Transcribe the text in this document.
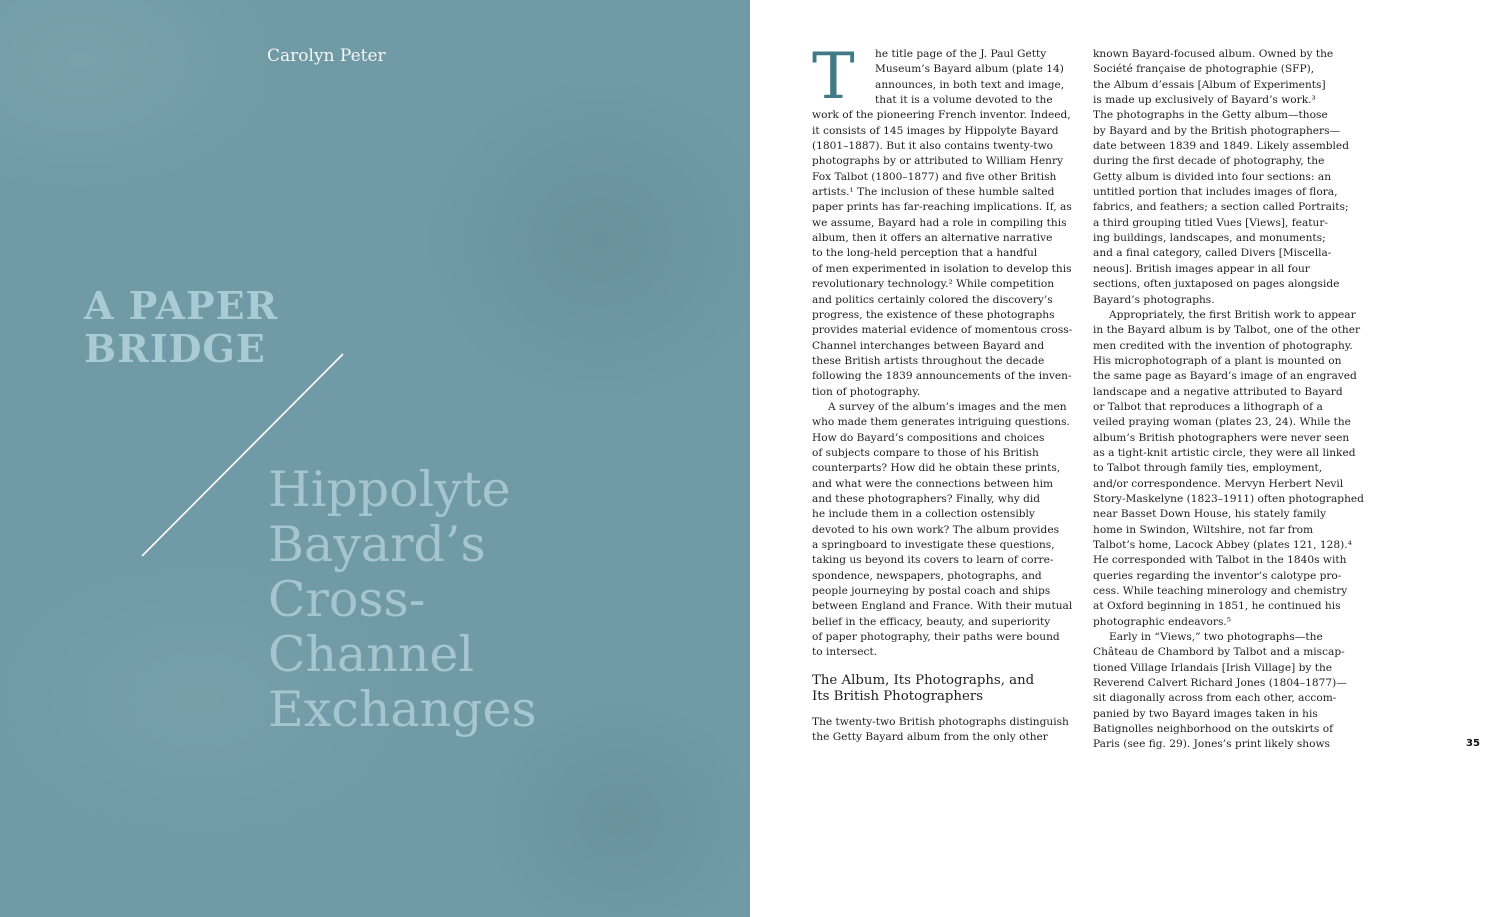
Carolyn Peter
A PAPER
BRIDGE
Hippolyte
Bayard’s
Cross-
Channel
Exchanges
T	he title page of the J. Paul Getty
Museum’s Bayard album (plate 14)
announces, in both text and image,
that it is a volume devoted to the
work of the pioneering French inventor. Indeed,
it consists of 145 images by Hippolyte Bayard
(1801–1887). But it also contains twenty-two
photographs by or attributed to William Henry
Fox Talbot (1800–1877) and five other British
artists.¹ The inclusion of these humble salted
paper prints has far-reaching implications. If, as
we assume, Bayard had a role in compiling this
album, then it offers an alternative narrative
to the long-held perception that a handful
of men experimented in isolation to develop this
revolutionary technology.² While competition
and politics certainly colored the discovery’s
progress, the existence of these photographs
provides material evidence of momentous cross-
Channel interchanges between Bayard and
these British artists throughout the decade
following the 1839 announcements of the inven-
tion of photography.
A survey of the album’s images and the men
who made them generates intriguing questions.
How do Bayard’s compositions and choices
of subjects compare to those of his British
counterparts? How did he obtain these prints,
and what were the connections between him
and these photographers? Finally, why did
he include them in a collection ostensibly
devoted to his own work? The album provides
a springboard to investigate these questions,
taking us beyond its covers to learn of corre-
spondence, newspapers, photographs, and
people journeying by postal coach and ships
between England and France. With their mutual
belief in the efficacy, beauty, and superiority
of paper photography, their paths were bound
to intersect.
The Album, Its Photographs, and
Its British Photographers
The twenty-two British photographs distinguish
the Getty Bayard album from the only other
known Bayard-focused album. Owned by the
Société française de photographie (SFP),
the Album d’essais [Album of Experiments]
is made up exclusively of Bayard’s work.³
The photographs in the Getty album—those
by Bayard and by the British photographers—
date between 1839 and 1849. Likely assembled
during the first decade of photography, the
Getty album is divided into four sections: an
untitled portion that includes images of flora,
fabrics, and feathers; a section called Portraits;
a third grouping titled Vues [Views], featur-
ing buildings, landscapes, and monuments;
and a final category, called Divers [Miscella-
neous]. British images appear in all four
sections, often juxtaposed on pages alongside
Bayard’s photographs.
Appropriately, the first British work to appear
in the Bayard album is by Talbot, one of the other
men credited with the invention of photography.
His microphotograph of a plant is mounted on
the same page as Bayard’s image of an engraved
landscape and a negative attributed to Bayard
or Talbot that reproduces a lithograph of a
veiled praying woman (plates 23, 24). While the
album’s British photographers were never seen
as a tight-knit artistic circle, they were all linked
to Talbot through family ties, employment,
and/or correspondence. Mervyn Herbert Nevil
Story-Maskelyne (1823–1911) often photographed
near Basset Down House, his stately family
home in Swindon, Wiltshire, not far from
Talbot’s home, Lacock Abbey (plates 121, 128).⁴
He corresponded with Talbot in the 1840s with
queries regarding the inventor’s calotype pro-
cess. While teaching minerology and chemistry
at Oxford beginning in 1851, he continued his
photographic endeavors.⁵
Early in “Views,” two photographs—the
Château de Chambord by Talbot and a miscap-
tioned Village Irlandais [Irish Village] by the
Reverend Calvert Richard Jones (1804–1877)—
sit diagonally across from each other, accom-
panied by two Bayard images taken in his
Batignolles neighborhood on the outskirts of
Paris (see fig. 29). Jones’s print likely shows	35
